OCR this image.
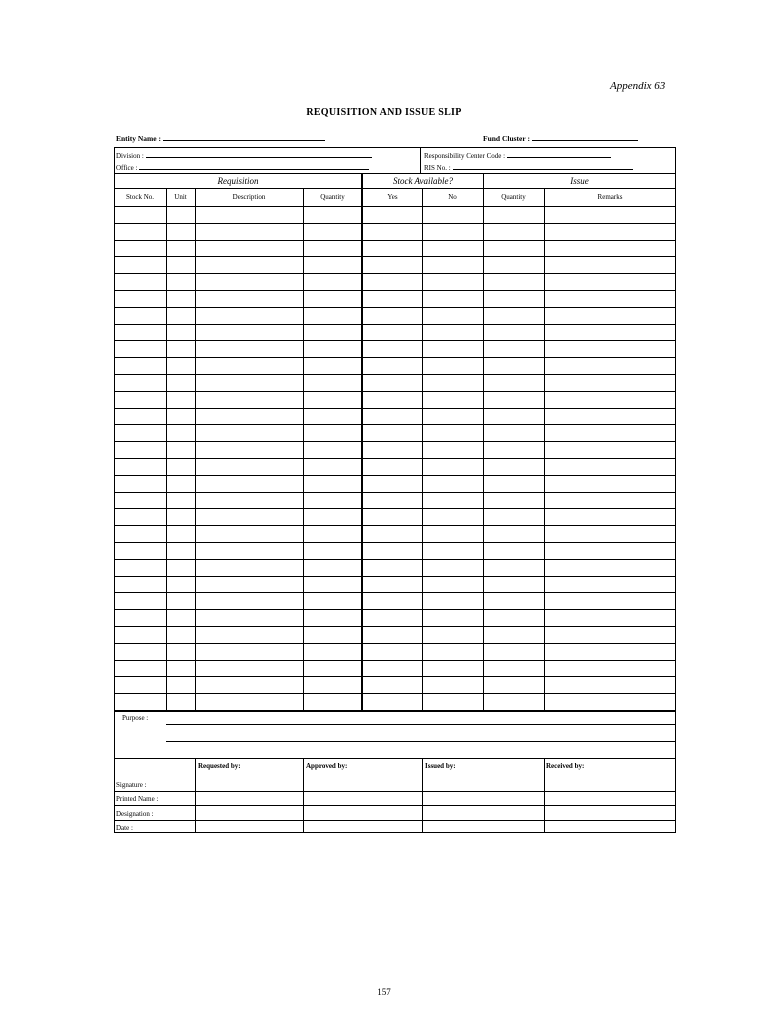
Appendix 63
REQUISITION AND ISSUE SLIP
Entity Name :	Fund Cluster :
Division :
Office :
Responsibility Center Code :
RIS No. :
Requisition	Stock Available?	Issue
Stock No.	Unit	Description	Quantity	Yes	No	Quantity	Remarks
Purpose :
Requested by:	Approved by:	Issued by:	Received by:
Signature :
Printed Name :
Designation :
Date :
157
